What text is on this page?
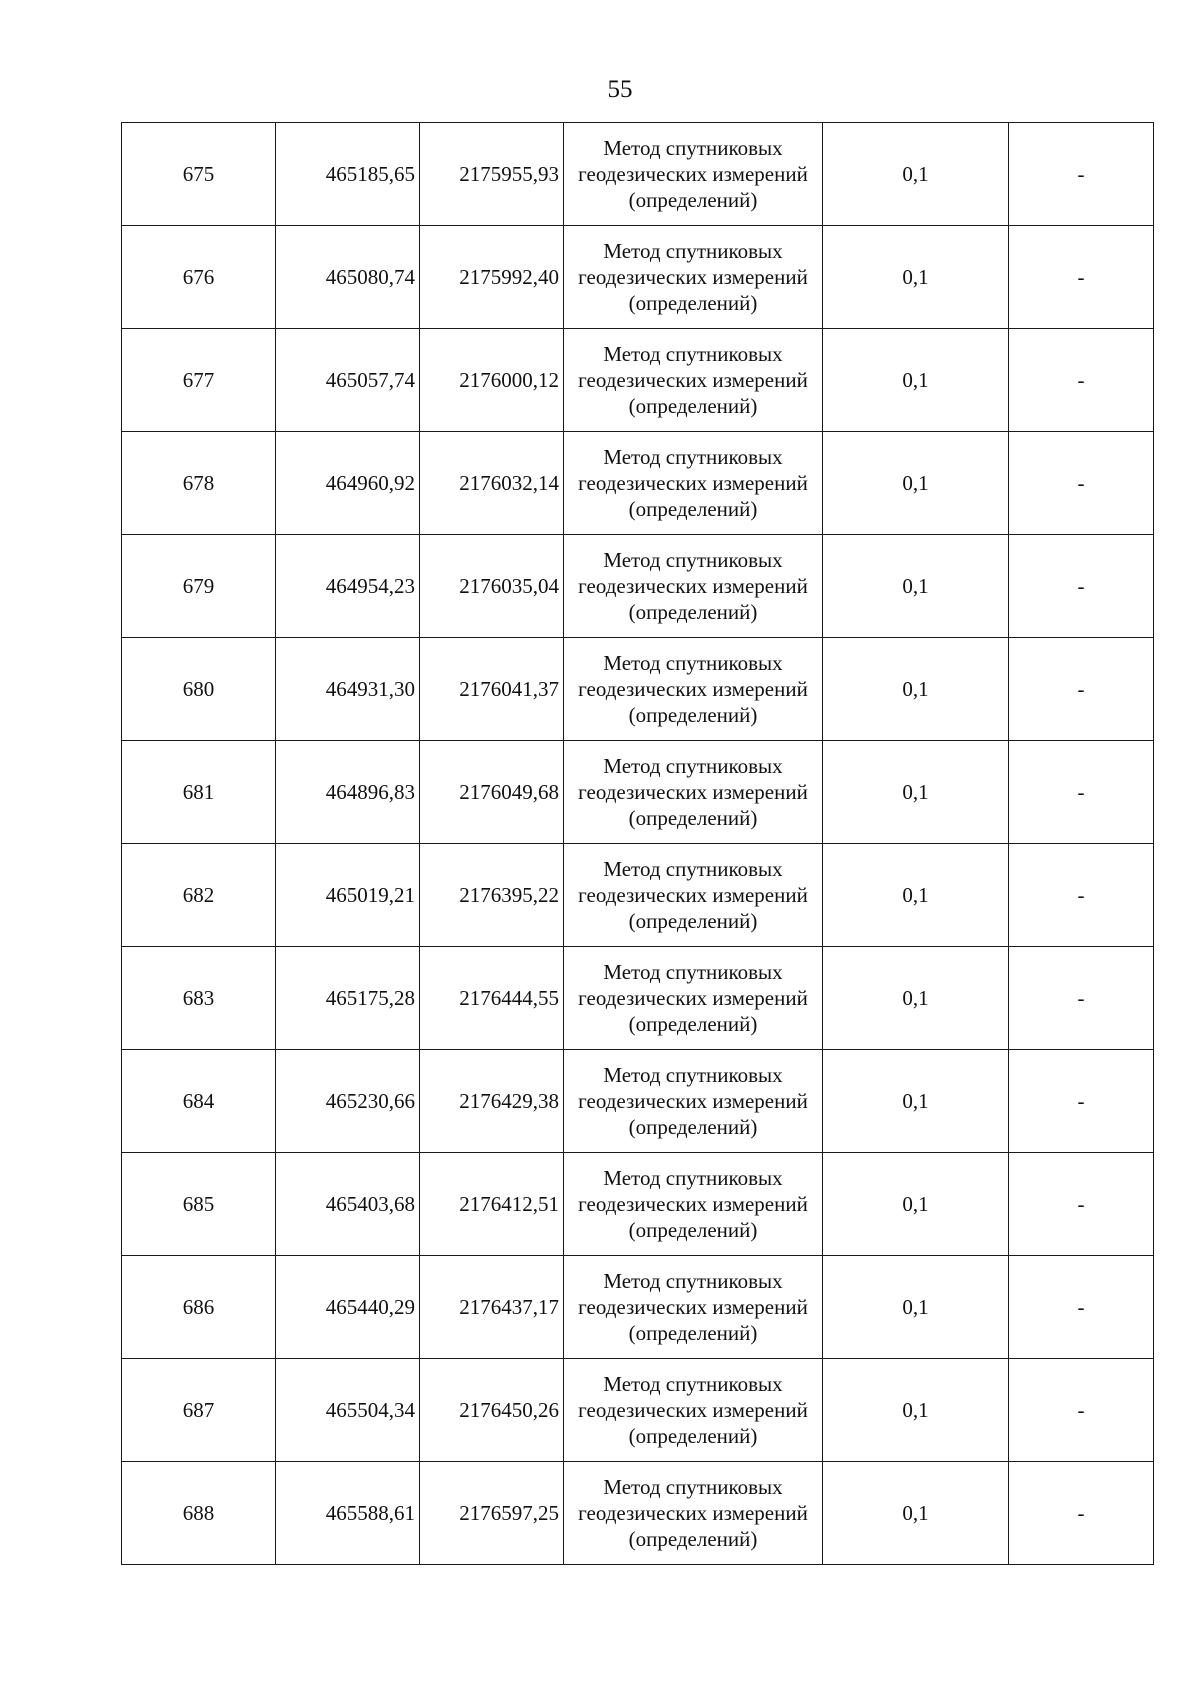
55
675	465185,65	2175955,93	Метод спутниковых
геодезических измерений
(определений)	0,1	-
676	465080,74	2175992,40	Метод спутниковых
геодезических измерений
(определений)	0,1	-
677	465057,74	2176000,12	Метод спутниковых
геодезических измерений
(определений)	0,1	-
678	464960,92	2176032,14	Метод спутниковых
геодезических измерений
(определений)	0,1	-
679	464954,23	2176035,04	Метод спутниковых
геодезических измерений
(определений)	0,1	-
680	464931,30	2176041,37	Метод спутниковых
геодезических измерений
(определений)	0,1	-
681	464896,83	2176049,68	Метод спутниковых
геодезических измерений
(определений)	0,1	-
682	465019,21	2176395,22	Метод спутниковых
геодезических измерений
(определений)	0,1	-
683	465175,28	2176444,55	Метод спутниковых
геодезических измерений
(определений)	0,1	-
684	465230,66	2176429,38	Метод спутниковых
геодезических измерений
(определений)	0,1	-
685	465403,68	2176412,51	Метод спутниковых
геодезических измерений
(определений)	0,1	-
686	465440,29	2176437,17	Метод спутниковых
геодезических измерений
(определений)	0,1	-
687	465504,34	2176450,26	Метод спутниковых
геодезических измерений
(определений)	0,1	-
688	465588,61	2176597,25	Метод спутниковых
геодезических измерений
(определений)	0,1	-
